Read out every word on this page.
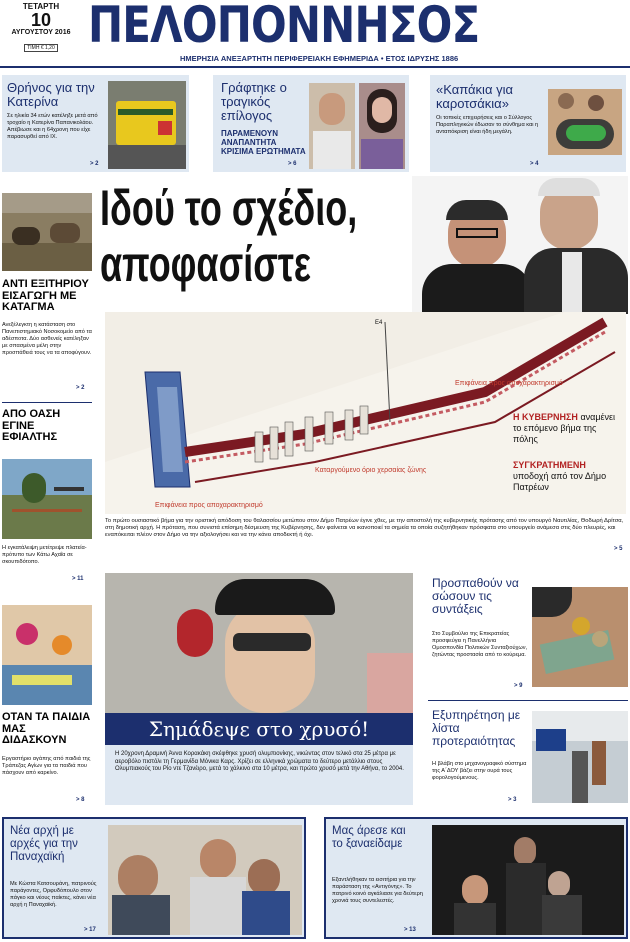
ΤΕΤΑΡΤΗ
10
ΑΥΓΟΥΣΤΟΥ 2016
ΤΙΜΗ € 1,20 ΠΕΛΟΠΟΝΝΗΣΟΣ
ΗΜΕΡΗΣΙΑ ΑΝΕΞΑΡΤΗΤΗ ΠΕΡΙΦΕΡΕΙΑΚΗ ΕΦΗΜΕΡΙΔΑ • ΕΤΟΣ ΙΔΡΥΣΗΣ 1886
Θρήνος για την Κατερίνα
Σε ηλικία 34 ετών κατέληξε μετά από τροχαίο η Κατερίνα Παπανικολάου. Απέβιωσε και η 64χρονη που είχε παρασυρθεί από ΙΧ.
> 2
Γράφτηκε ο τραγικός επίλογος
ΠΑΡΑΜΕΝΟΥΝ ΑΝΑΠΑΝΤΗΤΑ ΚΡΙΣΙΜΑ ΕΡΩΤΗΜΑΤΑ
> 6
«Καπάκια για καροτσάκια»
Οι τοπικές επιχειρήσεις και ο Σύλλογος Παραπληγικών έδωσαν το σύνθημα και η ανταπόκριση είναι ήδη μεγάλη.
> 4
ΑΝΤΙ ΕΞΙΤΗΡΙΟΥ ΕΙΣΑΓΩΓΗ ΜΕ ΚΑΤΑΓΜΑ
Ανεξέλεγκτη η κατάσταση στο Πανεπιστημιακό Νοσοκομείο από τα αδέσποτα. Δύο ασθενείς κατέληξαν με σπασμένα μέλη στην προσπάθειά τους να τα αποφύγουν.
> 2
ΑΠΟ ΟΑΣΗ ΕΓΙΝΕ ΕΦΙΑΛΤΗΣ
Η εγκατάλειψη μετέτρεψε πλατεία-πρότυπο των Κάτω Αχαΐα σε σκουπιδότοπο.
> 11
ΟΤΑΝ ΤΑ ΠΑΙΔΙΑ ΜΑΣ ΔΙΔΑΣΚΟΥΝ
Εργαστήριο αγάπης από παιδιά της Τράπεζας Αγίων για τα παιδιά που πάσχουν από καρκίνο.
> 8
Ιδού το σχέδιο,
αποφασίστε
Ε4
Επιφάνεια προς αποχαρακτηρισμό
Επιφάνεια προς αποχαρακτηρισμό
Καταργούμενο όριο χερσαίας ζώνης
Η ΚΥΒΕΡΝΗΣΗ αναμένει το επόμενο βήμα της πόλης
ΣΥΓΚΡΑΤΗΜΕΝΗ υποδοχή από τον Δήμο Πατρέων
Το πρώτο ουσιαστικό βήμα για την οριστική απόδοση του θαλασσίου μετώπου στον Δήμο Πατρέων έγινε χθες, με την αποστολή της κυβερνητικής πρότασης από τον υπουργό Ναυτιλίας, Θοδωρή Δρίτσα, στη δημοτική αρχή. Η πρόταση, που συνιστά επίσημη δέσμευση της Κυβέρνησης, δεν φαίνεται να ικανοποιεί τα σημεία τα οποία συζητήθηκαν πρόσφατα στο υπουργείο ανάμεσα στις δύο πλευρές, και εναπόκειται πλέον στον Δήμο να την αξιολογήσει και να την κάνει αποδεκτή ή όχι.
> 5
Σημάδεψε στο χρυσό!
Η 20χρονη Δραμινή Άννα Κορακάκη σκέφθηκε χρυσή ολυμπιονίκης, νικώντας στον τελικό στα 25 μέτρα με αεροβόλο πιστόλι τη Γερμανίδα Μόνικα Καρς. Χρίζει σε ελληνικά χρώματα το δεύτερο μετάλλιο στους Ολυμπιακούς του Ρίο ντε Τζανέιρο, μετά το χάλκινο στα 10 μέτρα, και πρώτο χρυσό μετά την Αθήνα, το 2004.
Προσπαθούν να σώσουν τις συντάξεις
Στο Συμβούλιο της Επικρατείας προσφεύγει η Πανελλήνια Ομοσπονδία Πολιτικών Συνταξιούχων, ζητώντας προστασία από το κούρεμα.
> 9
Εξυπηρέτηση με λίστα προτεραιότητας
Η βλάβη στο μηχανογραφικό σύστημα της Α΄ΔΟΥ βάζει στην ουρά τους φορολογούμενους.
> 3
Νέα αρχή με αρχές για την Παναχαϊκή
Με Κώστα Κατσουράνη, πατρινούς παράγοντες, Ορφυδόπουλο στον πάγκο και νέους παίκτες, κάνει νέα αρχή η Παναχαϊκή.
> 17
Μας άρεσε και το ξαναείδαμε
Εξαντλήθηκαν τα εισιτήρια για την παράσταση της «Αντιγόνης». Το πατρινό κοινό αγκάλιασε για δεύτερη χρονιά τους συντελεστές.
> 13
